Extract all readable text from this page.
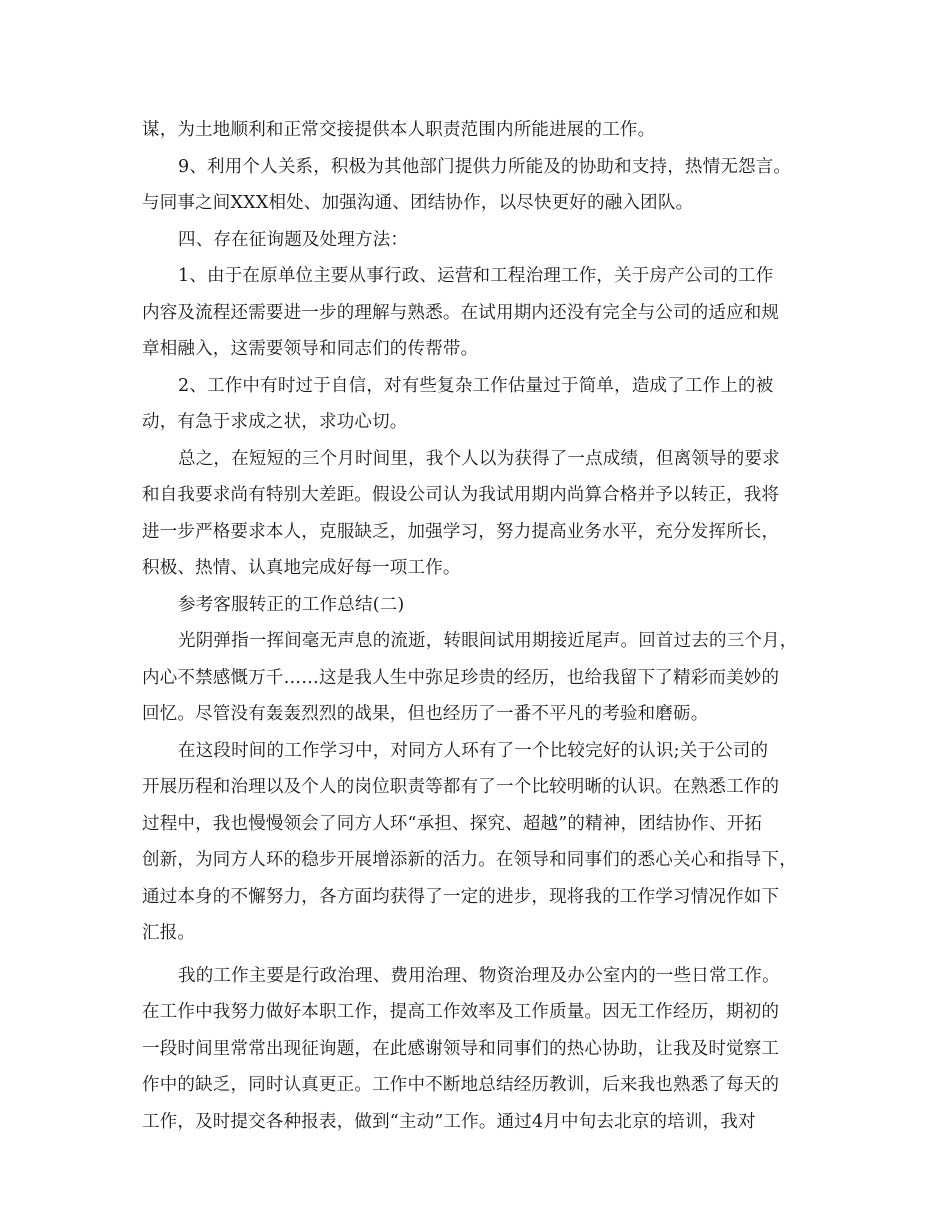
谋，为土地顺利和正常交接提供本人职责范围内所能进展的工作。
9、利用个人关系，积极为其他部门提供力所能及的协助和支持，热情无怨言。
与同事之间XXX相处、加强沟通、团结协作，以尽快更好的融入团队。
四、存在征询题及处理方法：
1、由于在原单位主要从事行政、运营和工程治理工作，关于房产公司的工作
内容及流程还需要进一步的理解与熟悉。在试用期内还没有完全与公司的适应和规
章相融入，这需要领导和同志们的传帮带。
2、工作中有时过于自信，对有些复杂工作估量过于简单，造成了工作上的被
动，有急于求成之状，求功心切。
总之，在短短的三个月时间里，我个人以为获得了一点成绩，但离领导的要求
和自我要求尚有特别大差距。假设公司认为我试用期内尚算合格并予以转正，我将
进一步严格要求本人，克服缺乏，加强学习，努力提高业务水平，充分发挥所长，
积极、热情、认真地完成好每一项工作。
参考客服转正的工作总结(二)
光阴弹指一挥间毫无声息的流逝，转眼间试用期接近尾声。回首过去的三个月，
内心不禁感慨万千……这是我人生中弥足珍贵的经历，也给我留下了精彩而美妙的
回忆。尽管没有轰轰烈烈的战果，但也经历了一番不平凡的考验和磨砺。
在这段时间的工作学习中，对同方人环有了一个比较完好的认识;关于公司的
开展历程和治理以及个人的岗位职责等都有了一个比较明晰的认识。在熟悉工作的
过程中，我也慢慢领会了同方人环“承担、探究、超越”的精神，团结协作、开拓
创新，为同方人环的稳步开展增添新的活力。在领导和同事们的悉心关心和指导下，
通过本身的不懈努力，各方面均获得了一定的进步，现将我的工作学习情况作如下
汇报。
我的工作主要是行政治理、费用治理、物资治理及办公室内的一些日常工作。
在工作中我努力做好本职工作，提高工作效率及工作质量。因无工作经历，期初的
一段时间里常常出现征询题，在此感谢领导和同事们的热心协助，让我及时觉察工
作中的缺乏，同时认真更正。工作中不断地总结经历教训，后来我也熟悉了每天的
工作，及时提交各种报表，做到“主动”工作。通过4月中旬去北京的培训，我对
